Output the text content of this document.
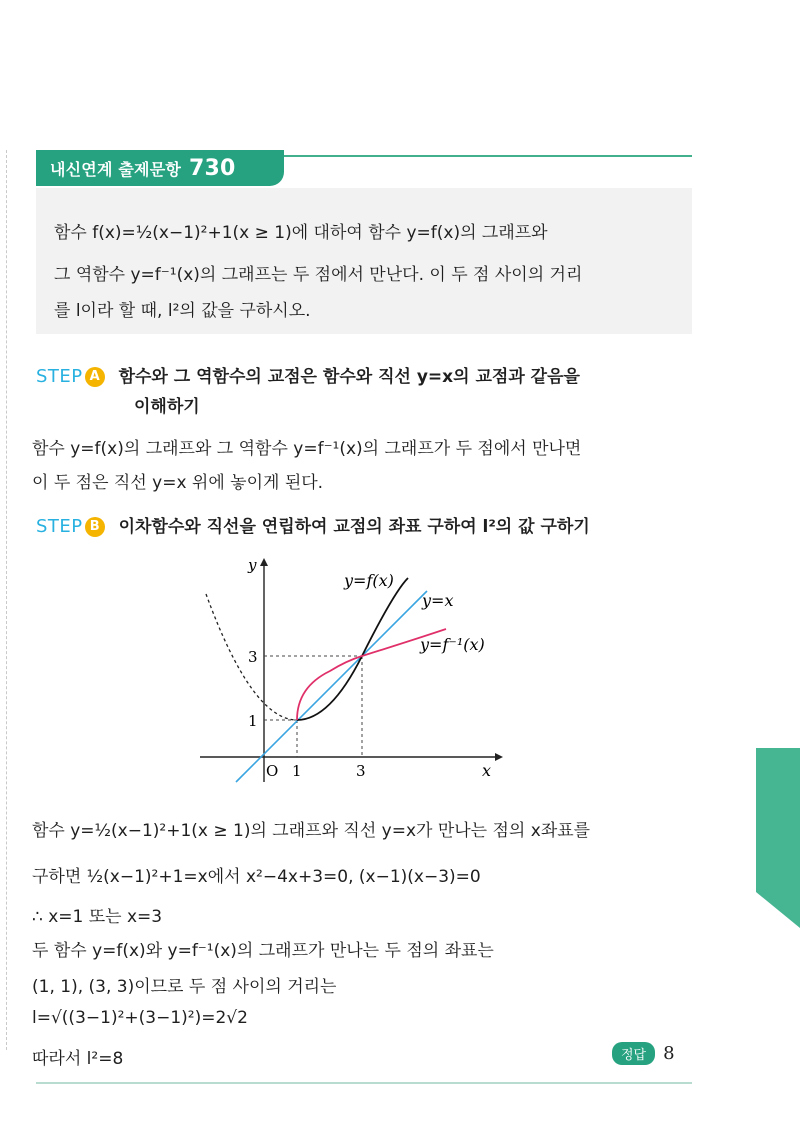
내신연계 출제문항 730
함수 f(x)=½(x−1)²+1(x ≥ 1)에 대하여 함수 y=f(x)의 그래프와
그 역함수 y=f⁻¹(x)의 그래프는 두 점에서 만난다. 이 두 점 사이의 거리
를 l이라 할 때, l²의 값을 구하시오.
STEP A 함수와 그 역함수의 교점은 함수와 직선 y=x의 교점과 같음을
이해하기
함수 y=f(x)의 그래프와 그 역함수 y=f⁻¹(x)의 그래프가 두 점에서 만나면
이 두 점은 직선 y=x 위에 놓이게 된다.
STEP B 이차함수와 직선을 연립하여 교점의 좌표 구하여 l²의 값 구하기
y=f(x)
y=x
y=f⁻¹(x)
y
x
O 1	3
1
3
함수 y=½(x−1)²+1(x ≥ 1)의 그래프와 직선 y=x가 만나는 점의 x좌표를
구하면 ½(x−1)²+1=x에서 x²−4x+3=0, (x−1)(x−3)=0
∴ x=1 또는 x=3
두 함수 y=f(x)와 y=f⁻¹(x)의 그래프가 만나는 두 점의 좌표는
(1, 1), (3, 3)이므로 두 점 사이의 거리는
l=√((3−1)²+(3−1)²)=2√2
따라서 l²=8	정답 8
